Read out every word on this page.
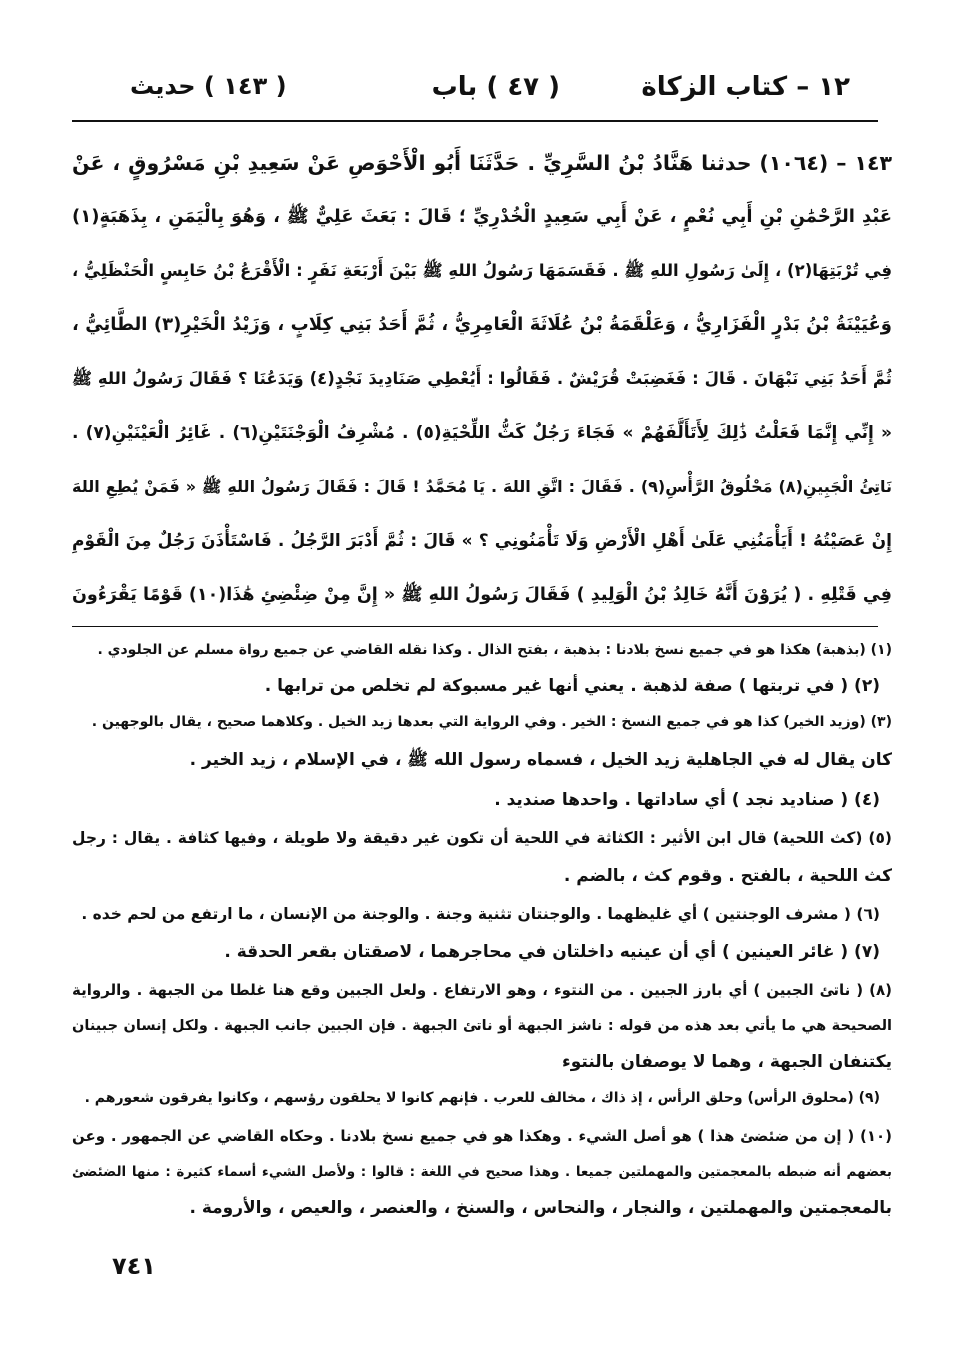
١٢ – كتاب الزكاة
( ٤٧ ) باب
( ١٤٣ ) حديث
١٤٣ – (١٠٦٤) حدثنا هَنَّادُ بْنُ السَّرِيِّ . حَدَّثَنَا أَبُو الْأَحْوَصِ عَنْ سَعِيدِ بْنِ مَسْرُوقٍ ، عَنْ
عَبْدِ الرَّحْمَٰنِ بْنِ أَبِي نُعْمٍ ، عَنْ أَبِي سَعِيدٍ الْخُدْرِيِّ ؛ قَالَ : بَعَثَ عَلِيٌّ ﷺ ، وَهُوَ بِالْيَمَنِ ، بِذَهَبَةٍ(١)
فِي تُرْبَتِهَا(٢) ، إِلَىٰ رَسُولِ اللهِ ﷺ . فَقَسَمَهَا رَسُولُ اللهِ ﷺ بَيْنَ أَرْبَعَةِ نَفَرٍ : الْأَقْرَعُ بْنُ حَابِسٍ الْحَنْظَلِيُّ ،
وَعُيَيْنَةُ بْنُ بَدْرٍ الْفَزَارِيُّ ، وَعَلْقَمَةُ بْنُ عُلَاثَةَ الْعَامِرِيُّ ، ثُمَّ أَحَدُ بَنِي كِلَابٍ ، وَزَيْدُ الْخَيْرِ(٣) الطَّائِيُّ ،
ثُمَّ أَحَدُ بَنِي نَبْهَانَ . قَالَ : فَغَضِبَتْ قُرَيْشٌ . فَقَالُوا : أَيُعْطِي صَنَادِيدَ نَجْدٍ(٤) وَيَدَعُنَا ؟ فَقَالَ رَسُولُ اللهِ ﷺ
« إِنِّي إِنَّمَا فَعَلْتُ ذَٰلِكَ لِأَتَأَلَّفَهُمْ » فَجَاءَ رَجُلٌ كَثُّ اللِّحْيَةِ(٥) . مُشْرِفُ الْوَجْنَتَيْنِ(٦) . غَائِرُ الْعَيْنَيْنِ(٧) .
نَاتِئُ الْجَبِينِ(٨) مَحْلُوقُ الرَّأْسِ(٩) . فَقَالَ : اتَّقِ اللهَ . يَا مُحَمَّدُ ! قَالَ : فَقَالَ رَسُولُ اللهِ ﷺ « فَمَنْ يُطِعِ اللهَ
إِنْ عَصَيْتُهُ ! أَيَأْمَنُنِي عَلَىٰ أَهْلِ الْأَرْضِ وَلَا تَأْمَنُونِي ؟ » قَالَ : ثُمَّ أَدْبَرَ الرَّجُلُ . فَاسْتَأْذَنَ رَجُلٌ مِنَ الْقَوْمِ
فِي قَتْلِهِ . ( يُرَوْنَ أَنَّهُ خَالِدُ بْنُ الْوَلِيدِ ) فَقَالَ رَسُولُ اللهِ ﷺ « إِنَّ مِنْ ضِئْضِئِ هَٰذَا(١٠) قَوْمًا يَقْرَءُونَ
(١) (بذهبة) هكذا هو في جميع نسخ بلادنا : بذهبة ، بفتح الذال . وكذا نقله القاضي عن جميع رواة مسلم عن الجلودي .
(٢) ( في تربتها ) صفة لذهبة . يعني أنها غير مسبوكة لم تخلص من ترابها .
(٣) (وزيد الخير) كذا هو في جميع النسخ : الخير . وفي الرواية التي بعدها زيد الخيل . وكلاهما صحيح ، يقال بالوجهين .
كان يقال له في الجاهلية زيد الخيل ، فسماه رسول الله ﷺ ، في الإسلام ، زيد الخير .
(٤) ( صناديد نجد ) أي ساداتها . واحدها صنديد .
(٥) (كث اللحية) قال ابن الأثير : الكثاثة في اللحية أن تكون غير دقيقة ولا طويلة ، وفيها كثافة . يقال : رجل
كث اللحية ، بالفتح . وقوم كث ، بالضم .
(٦) ( مشرف الوجنتين ) أي غليظهما . والوجنتان تثنية وجنة . والوجنة من الإنسان ، ما ارتفع من لحم خده .
(٧) ( غائر العينين ) أي أن عينيه داخلتان في محاجرهما ، لاصقتان بقعر الحدقة .
(٨) ( ناتئ الجبين ) أي بارز الجبين . من النتوء ، وهو الارتفاع . ولعل الجبين وقع هنا غلطا من الجبهة . والرواية
الصحيحة هي ما يأتي بعد هذه من قوله : ناشز الجبهة أو ناتئ الجبهة . فإن الجبين جانب الجبهة . ولكل إنسان جبينان
يكتنفان الجبهة ، وهما لا يوصفان بالنتوء
(٩) (محلوق الرأس) وحلق الرأس ، إذ ذاك ، مخالف للعرب . فإنهم كانوا لا يحلقون رؤسهم ، وكانوا يفرقون شعورهم .
(١٠) ( إن من ضئضئ هذا ) هو أصل الشيء . وهكذا هو في جميع نسخ بلادنا . وحكاه القاضي عن الجمهور . وعن
بعضهم أنه ضبطه بالمعجمتين والمهملتين جميعا . وهذا صحيح في اللغة : قالوا : ولأصل الشيء أسماء كثيرة : منها الضئضئ
بالمعجمتين والمهملتين ، والنجار ، والنحاس ، والسنخ ، والعنصر ، والعيص ، والأرومة .
٧٤١
